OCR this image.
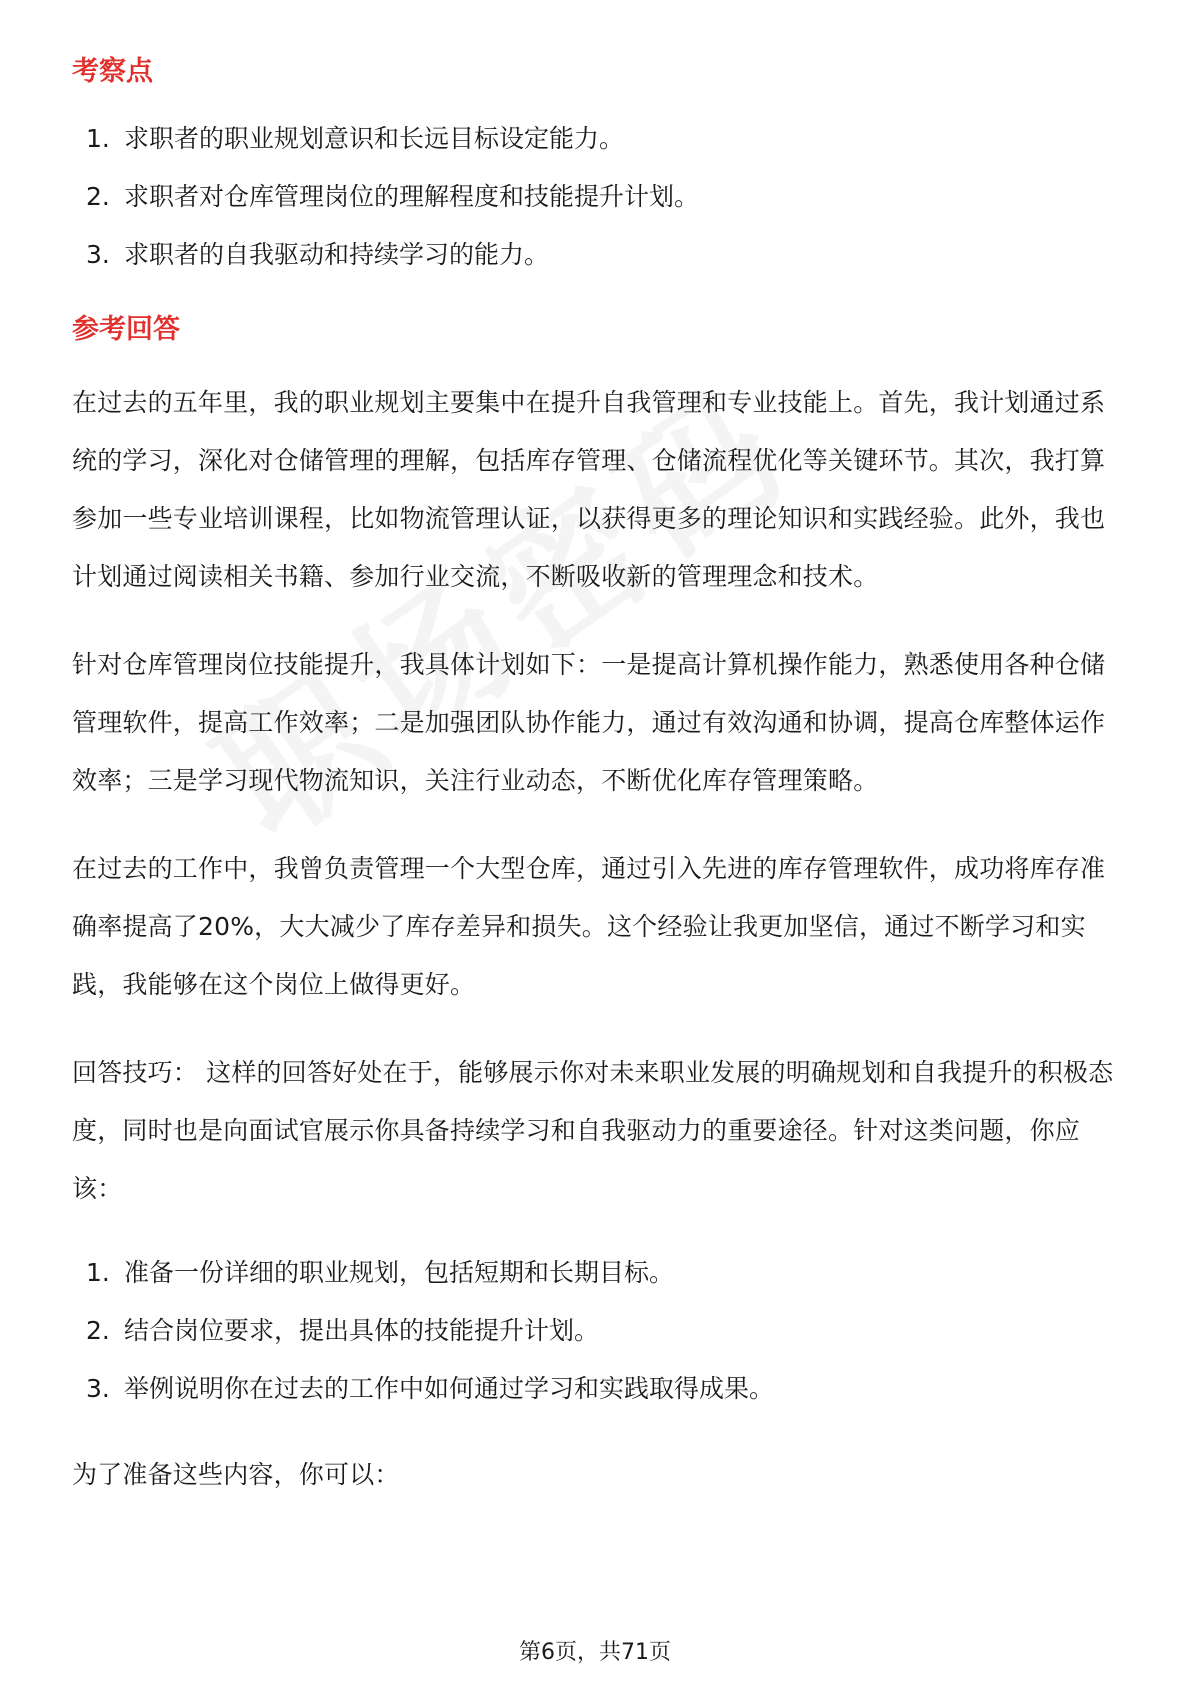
考察点
1. 求职者的职业规划意识和长远目标设定能力。
2. 求职者对仓库管理岗位的理解程度和技能提升计划。
3. 求职者的自我驱动和持续学习的能力。
参考回答

在过去的五年里，我的职业规划主要集中在提升自我管理和专业技能上。首先，我计划通过系统的学习，深化对仓储管理的理解，包括库存管理、仓储流程优化等关键环节。其次，我打算参加一些专业培训课程，比如物流管理认证，以获得更多的理论知识和实践经验。此外，我也计划通过阅读相关书籍、参加行业交流，不断吸收新的管理理念和技术。

针对仓库管理岗位技能提升，我具体计划如下：一是提高计算机操作能力，熟悉使用各种仓储管理软件，提高工作效率；二是加强团队协作能力，通过有效沟通和协调，提高仓库整体运作效率；三是学习现代物流知识，关注行业动态，不断优化库存管理策略。

在过去的工作中，我曾负责管理一个大型仓库，通过引入先进的库存管理软件，成功将库存准确率提高了20%，大大减少了库存差异和损失。这个经验让我更加坚信，通过不断学习和实践，我能够在这个岗位上做得更好。

回答技巧： 这样的回答好处在于，能够展示你对未来职业发展的明确规划和自我提升的积极态度，同时也是向面试官展示你具备持续学习和自我驱动力的重要途径。针对这类问题，你应该：

1. 准备一份详细的职业规划，包括短期和长期目标。
2. 结合岗位要求，提出具体的技能提升计划。
3. 举例说明你在过去的工作中如何通过学习和实践取得成果。

为了准备这些内容，你可以：

第6页，共71页
